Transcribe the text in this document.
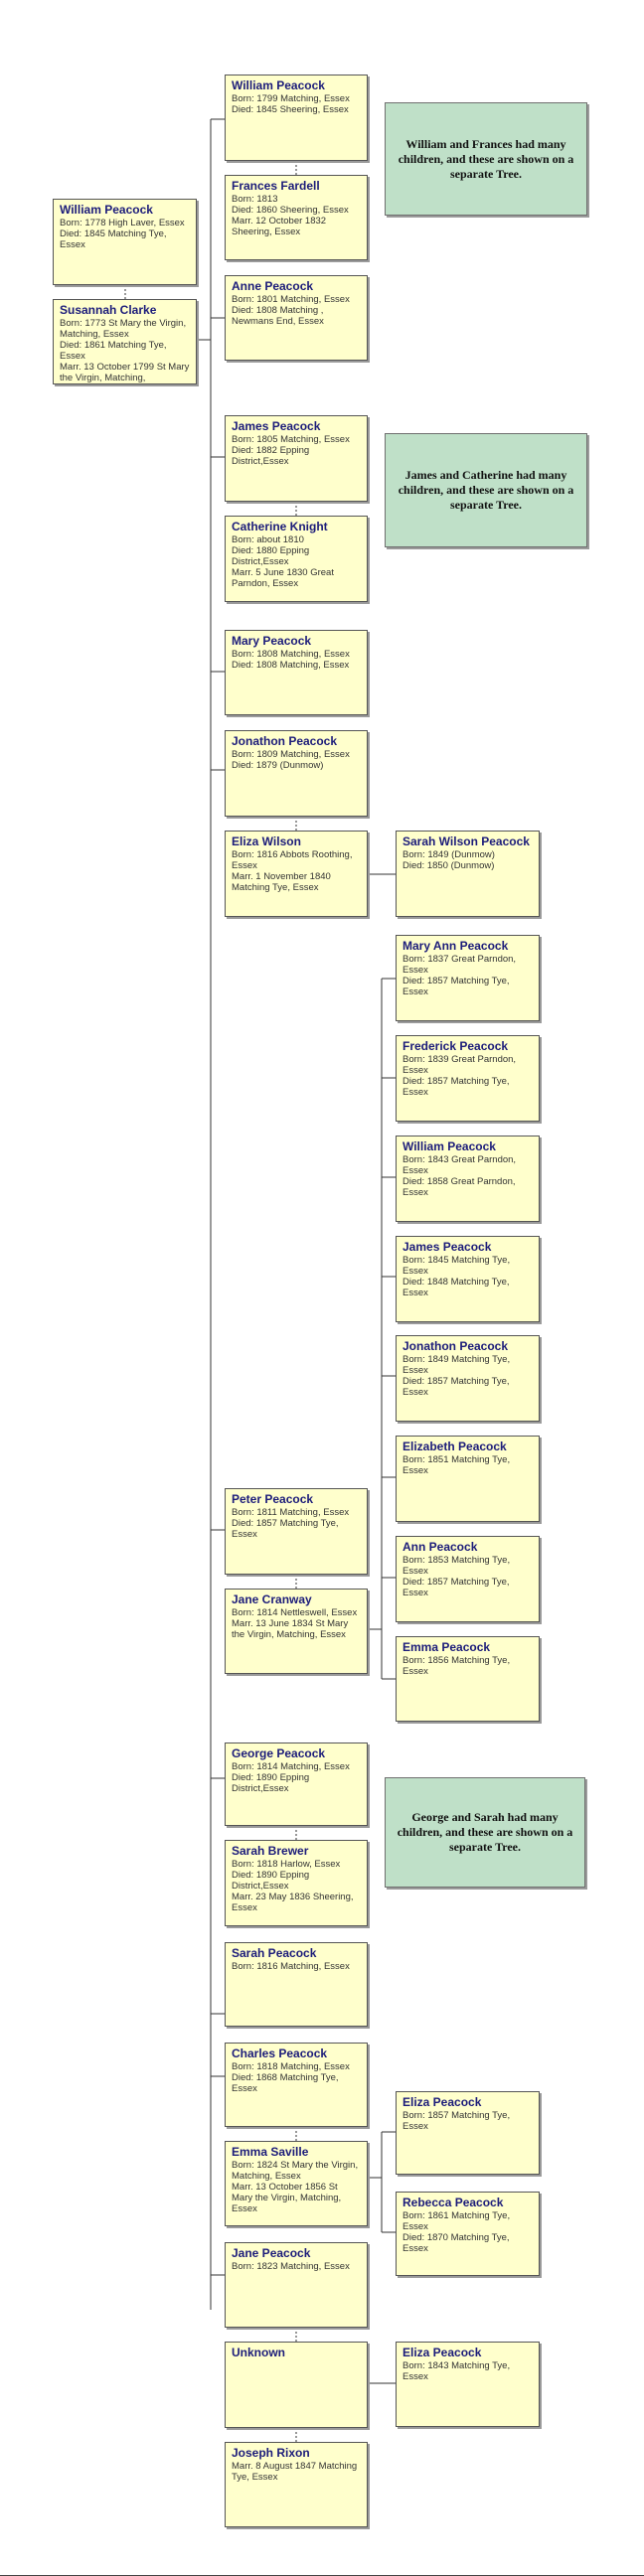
William Peacock
Born: 1778 High Laver, Essex
Died: 1845 Matching Tye, Essex
Susannah Clarke
Born: 1773 St Mary the Virgin, Matching, Essex
Died: 1861 Matching Tye, Essex
Marr. 13 October 1799 St Mary the Virgin, Matching,
William Peacock
Born: 1799 Matching, Essex
Died: 1845 Sheering, Essex
Frances Fardell
Born: 1813
Died: 1860 Sheering, Essex
Marr. 12 October 1832 Sheering, Essex
Anne Peacock
Born: 1801 Matching, Essex
Died: 1808 Matching , Newmans End, Essex
James Peacock
Born: 1805 Matching, Essex
Died: 1882 Epping District,Essex
Catherine Knight
Born: about 1810
Died: 1880 Epping District,Essex
Marr. 5 June 1830 Great Parndon, Essex
Mary Peacock
Born: 1808 Matching, Essex
Died: 1808 Matching, Essex
Jonathon Peacock
Born: 1809 Matching, Essex
Died: 1879 (Dunmow)
Eliza Wilson
Born: 1816 Abbots Roothing, Essex
Marr. 1 November 1840 Matching Tye, Essex
Peter Peacock
Born: 1811 Matching, Essex
Died: 1857 Matching Tye, Essex
Jane Cranway
Born: 1814 Nettleswell, Essex
Marr. 13 June 1834 St Mary the Virgin, Matching, Essex
George Peacock
Born: 1814 Matching, Essex
Died: 1890 Epping District,Essex
Sarah Brewer
Born: 1818 Harlow, Essex
Died: 1890 Epping District,Essex
Marr. 23 May 1836 Sheering, Essex
Sarah Peacock
Born: 1816 Matching, Essex
Charles Peacock
Born: 1818 Matching, Essex
Died: 1868 Matching Tye, Essex
Emma Saville
Born: 1824 St Mary the Virgin, Matching, Essex
Marr. 13 October 1856 St Mary the Virgin, Matching, Essex
Jane Peacock
Born: 1823 Matching, Essex
Unknown
Joseph Rixon
Marr. 8 August 1847 Matching Tye, Essex
Sarah Wilson Peacock
Born: 1849 (Dunmow)
Died: 1850 (Dunmow)
Mary Ann Peacock
Born: 1837 Great Parndon, Essex
Died: 1857 Matching Tye, Essex
Frederick Peacock
Born: 1839 Great Parndon, Essex
Died: 1857 Matching Tye, Essex
William Peacock
Born: 1843 Great Parndon, Essex
Died: 1858 Great Parndon, Essex
James Peacock
Born: 1845 Matching Tye, Essex
Died: 1848 Matching Tye, Essex
Jonathon Peacock
Born: 1849 Matching Tye, Essex
Died: 1857 Matching Tye, Essex
Elizabeth Peacock
Born: 1851 Matching Tye, Essex
Ann Peacock
Born: 1853 Matching Tye, Essex
Died: 1857 Matching Tye, Essex
Emma Peacock
Born: 1856 Matching Tye, Essex
Eliza Peacock
Born: 1857 Matching Tye, Essex
Rebecca Peacock
Born: 1861 Matching Tye, Essex
Died: 1870 Matching Tye, Essex
Eliza Peacock
Born: 1843 Matching Tye, Essex
William and Frances had many children, and these are shown on a separate Tree.
James and Catherine had many children, and these are shown on a separate Tree.
George and Sarah had many children, and these are shown on a separate Tree.
